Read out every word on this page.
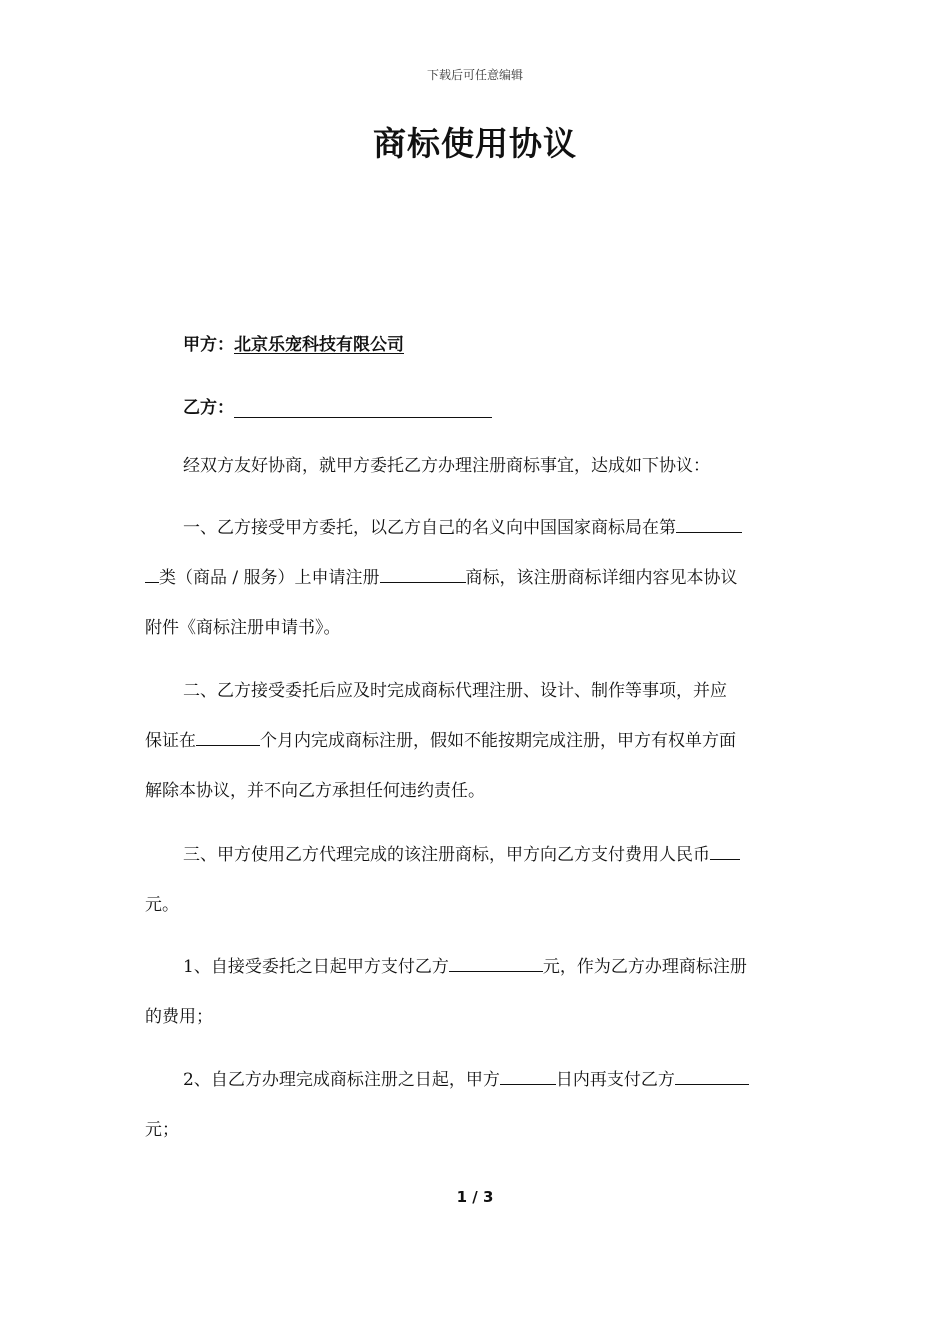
下载后可任意编辑
商标使用协议
甲方：北京乐宠科技有限公司
乙方：
经双方友好协商，就甲方委托乙方办理注册商标事宜，达成如下协议：
一、乙方接受甲方委托，以乙方自己的名义向中国国家商标局在第
类（商品 / 服务）上申请注册	商标，该注册商标详细内容见本协议
附件《商标注册申请书》。
二、乙方接受委托后应及时完成商标代理注册、设计、制作等事项，并应
保证在	个月内完成商标注册，假如不能按期完成注册，甲方有权单方面
解除本协议，并不向乙方承担任何违约责任。
三、甲方使用乙方代理完成的该注册商标，甲方向乙方支付费用人民币
元。
1、自接受委托之日起甲方支付乙方	元，作为乙方办理商标注册
的费用；
2、自乙方办理完成商标注册之日起，甲方	日内再支付乙方
元；
1 / 3
